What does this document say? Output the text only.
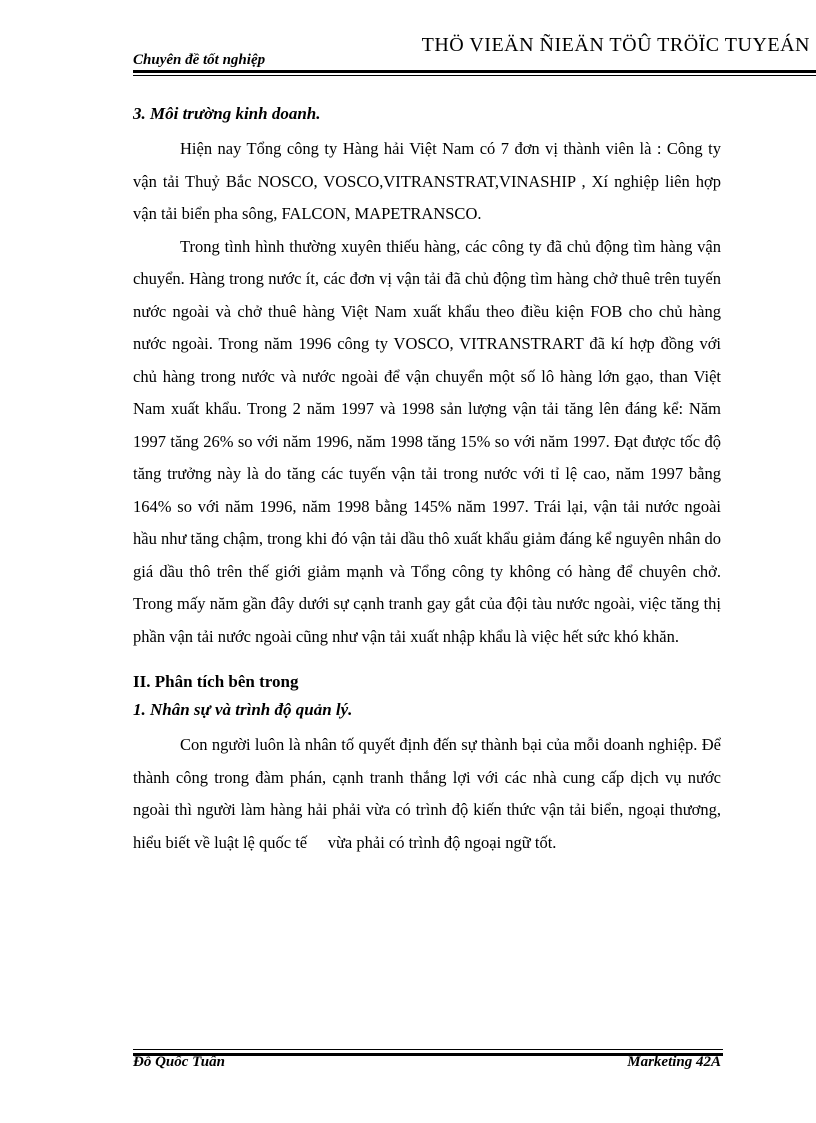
Chuyên đề tốt nghiệp
THÖ VIEÄN ÑIEÄN TÖÛ TRÖÏC TUYEÁN

3. Môi trường kinh doanh.

Hiện nay Tổng công ty Hàng hải Việt Nam có 7 đơn vị thành viên là : Công ty vận tải Thuỷ Bắc NOSCO, VOSCO,VITRANSTRAT,VINASHIP , Xí nghiệp liên hợp vận tải biển pha sông, FALCON, MAPETRANSCO.

Trong tình hình thường xuyên thiếu hàng, các công ty đã chủ động tìm hàng vận chuyển. Hàng trong nước ít, các đơn vị vận tải đã chủ động tìm hàng chở thuê trên tuyến nước ngoài và chở thuê hàng Việt Nam xuất khẩu theo điều kiện FOB cho chủ hàng nước ngoài. Trong năm 1996 công ty VOSCO, VITRANSTRART đã kí hợp đồng với chủ hàng trong nước và nước ngoài để vận chuyển một số lô hàng lớn gạo, than Việt Nam xuất khẩu. Trong 2 năm 1997 và 1998 sản lượng vận tải tăng lên đáng kể: Năm 1997 tăng 26% so với năm 1996, năm 1998 tăng 15% so với năm 1997. Đạt được tốc độ tăng trưởng này là do tăng các tuyến vận tải trong nước với tỉ lệ cao, năm 1997 bằng 164% so với năm 1996, năm 1998 bằng 145% năm 1997. Trái lại, vận tải nước ngoài hầu như tăng chậm, trong khi đó vận tải dầu thô xuất khẩu giảm đáng kể nguyên nhân do giá dầu thô trên thế giới giảm mạnh và Tổng công ty không có hàng để chuyên chở. Trong mấy năm gần đây dưới sự cạnh tranh gay gắt của đội tàu nước ngoài, việc tăng thị phần vận tải nước ngoài cũng như vận tải xuất nhập khẩu là việc hết sức khó khăn.

II. Phân tích bên trong

1. Nhân sự và trình độ quản lý.

Con người luôn là nhân tố quyết định đến sự thành bại của mỗi doanh nghiệp. Để thành công trong đàm phán, cạnh tranh thắng lợi với các nhà cung cấp dịch vụ nước ngoài thì người làm hàng hải phải vừa có trình độ kiến thức vận tải biển, ngoại thương, hiểu biết về luật lệ quốc tế     vừa phải có trình độ ngoại ngữ tốt.

Đỗ Quốc Tuấn	Marketing 42A
